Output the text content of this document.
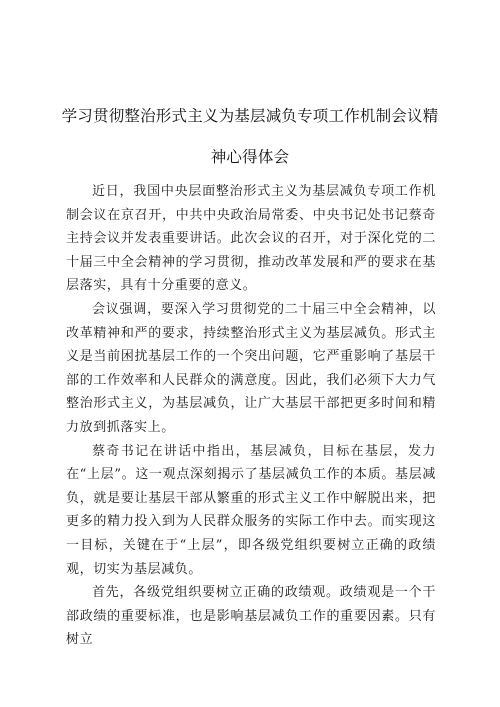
学习贯彻整治形式主义为基层减负专项工作机制会议精
神心得体会

近日，我国中央层面整治形式主义为基层减负专项工作机制会议在京召开，中共中央政治局常委、中央书记处书记蔡奇主持会议并发表重要讲话。此次会议的召开，对于深化党的二十届三中全会精神的学习贯彻，推动改革发展和严的要求在基层落实，具有十分重要的意义。

会议强调，要深入学习贯彻党的二十届三中全会精神，以改革精神和严的要求，持续整治形式主义为基层减负。形式主义是当前困扰基层工作的一个突出问题，它严重影响了基层干部的工作效率和人民群众的满意度。因此，我们必须下大力气整治形式主义，为基层减负，让广大基层干部把更多时间和精力放到抓落实上。

蔡奇书记在讲话中指出，基层减负，目标在基层，发力在“上层”。这一观点深刻揭示了基层减负工作的本质。基层减负，就是要让基层干部从繁重的形式主义工作中解脱出来，把更多的精力投入到为人民群众服务的实际工作中去。而实现这一目标，关键在于“上层”，即各级党组织要树立正确的政绩观，切实为基层减负。

首先，各级党组织要树立正确的政绩观。政绩观是一个干部政绩的重要标准，也是影响基层减负工作的重要因素。只有树立
